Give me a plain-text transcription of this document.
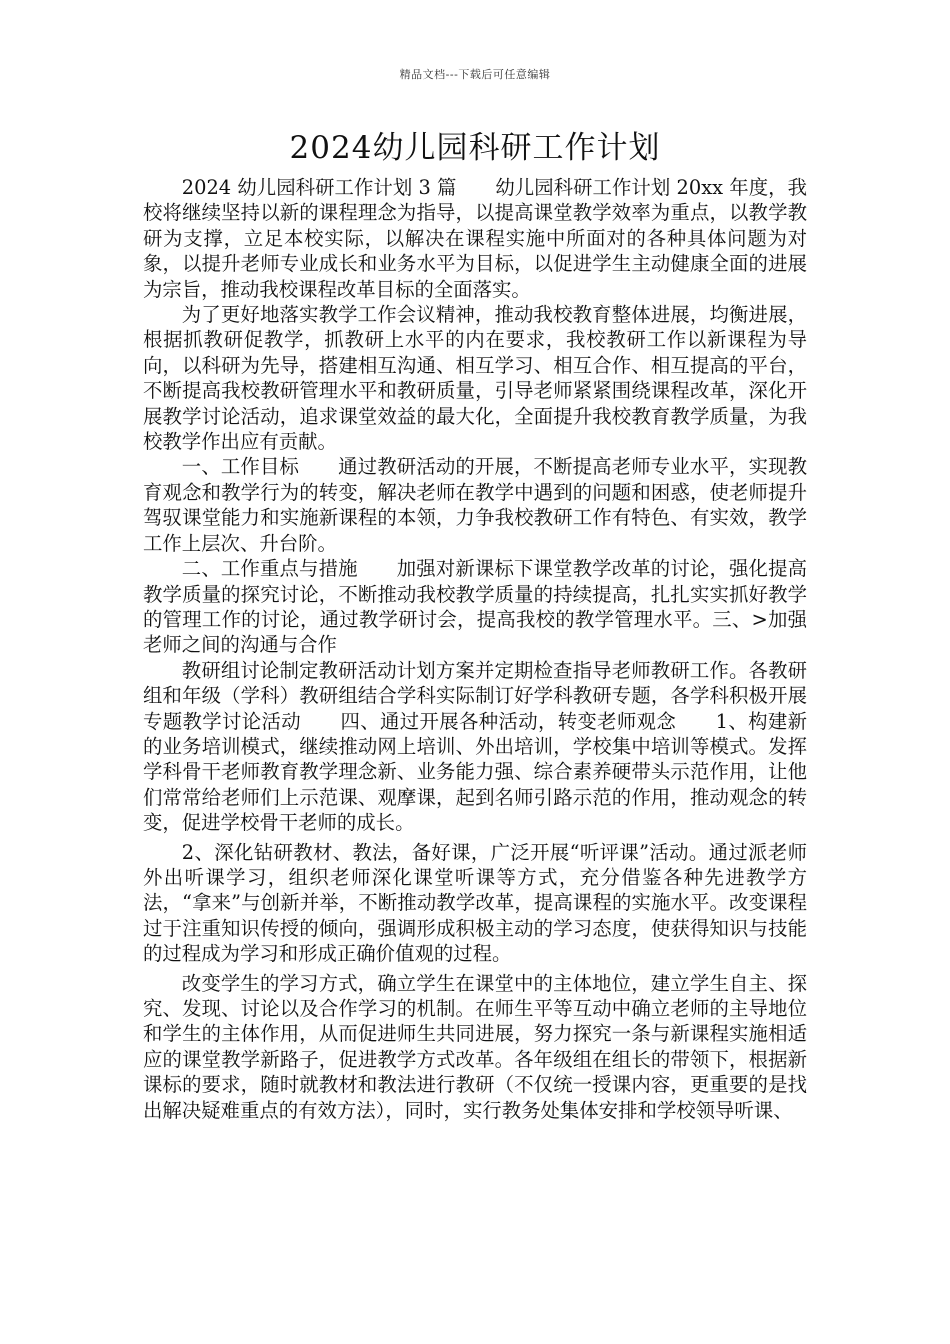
精品文档---下载后可任意编辑
2024幼儿园科研工作计划

2024 幼儿园科研工作计划 3 篇　　幼儿园科研工作计划 20xx 年度，我校将继续坚持以新的课程理念为指导，以提高课堂教学效率为重点，以教学教研为支撑，立足本校实际，以解决在课程实施中所面对的各种具体问题为对象，以提升老师专业成长和业务水平为目标，以促进学生主动健康全面的进展为宗旨，推动我校课程改革目标的全面落实。

为了更好地落实教学工作会议精神，推动我校教育整体进展，均衡进展，根据抓教研促教学，抓教研上水平的内在要求，我校教研工作以新课程为导向，以科研为先导，搭建相互沟通、相互学习、相互合作、相互提高的平台，不断提高我校教研管理水平和教研质量，引导老师紧紧围绕课程改革，深化开展教学讨论活动，追求课堂效益的最大化，全面提升我校教育教学质量，为我校教学作出应有贡献。

一、工作目标　　通过教研活动的开展，不断提高老师专业水平，实现教育观念和教学行为的转变，解决老师在教学中遇到的问题和困惑，使老师提升驾驭课堂能力和实施新课程的本领，力争我校教研工作有特色、有实效，教学工作上层次、升台阶。

二、工作重点与措施　　加强对新课标下课堂教学改革的讨论，强化提高教学质量的探究讨论，不断推动我校教学质量的持续提高，扎扎实实抓好教学的管理工作的讨论，通过教学研讨会，提高我校的教学管理水平。三、>加强老师之间的沟通与合作

教研组讨论制定教研活动计划方案并定期检查指导老师教研工作。各教研组和年级（学科）教研组结合学科实际制订好学科教研专题，各学科积极开展专题教学讨论活动　　四、通过开展各种活动，转变老师观念　　1、构建新的业务培训模式，继续推动网上培训、外出培训，学校集中培训等模式。发挥学科骨干老师教育教学理念新、业务能力强、综合素养硬带头示范作用，让他们常常给老师们上示范课、观摩课，起到名师引路示范的作用，推动观念的转变，促进学校骨干老师的成长。

2、深化钻研教材、教法，备好课，广泛开展“听评课”活动。通过派老师外出听课学习，组织老师深化课堂听课等方式，充分借鉴各种先进教学方法，“拿来”与创新并举，不断推动教学改革，提高课程的实施水平。改变课程过于注重知识传授的倾向，强调形成积极主动的学习态度，使获得知识与技能的过程成为学习和形成正确价值观的过程。

改变学生的学习方式，确立学生在课堂中的主体地位，建立学生自主、探究、发现、讨论以及合作学习的机制。在师生平等互动中确立老师的主导地位和学生的主体作用，从而促进师生共同进展，努力探究一条与新课程实施相适应的课堂教学新路子，促进教学方式改革。各年级组在组长的带领下，根据新课标的要求，随时就教材和教法进行教研（不仅统一授课内容，更重要的是找出解决疑难重点的有效方法），同时，实行教务处集体安排和学校领导听课、
